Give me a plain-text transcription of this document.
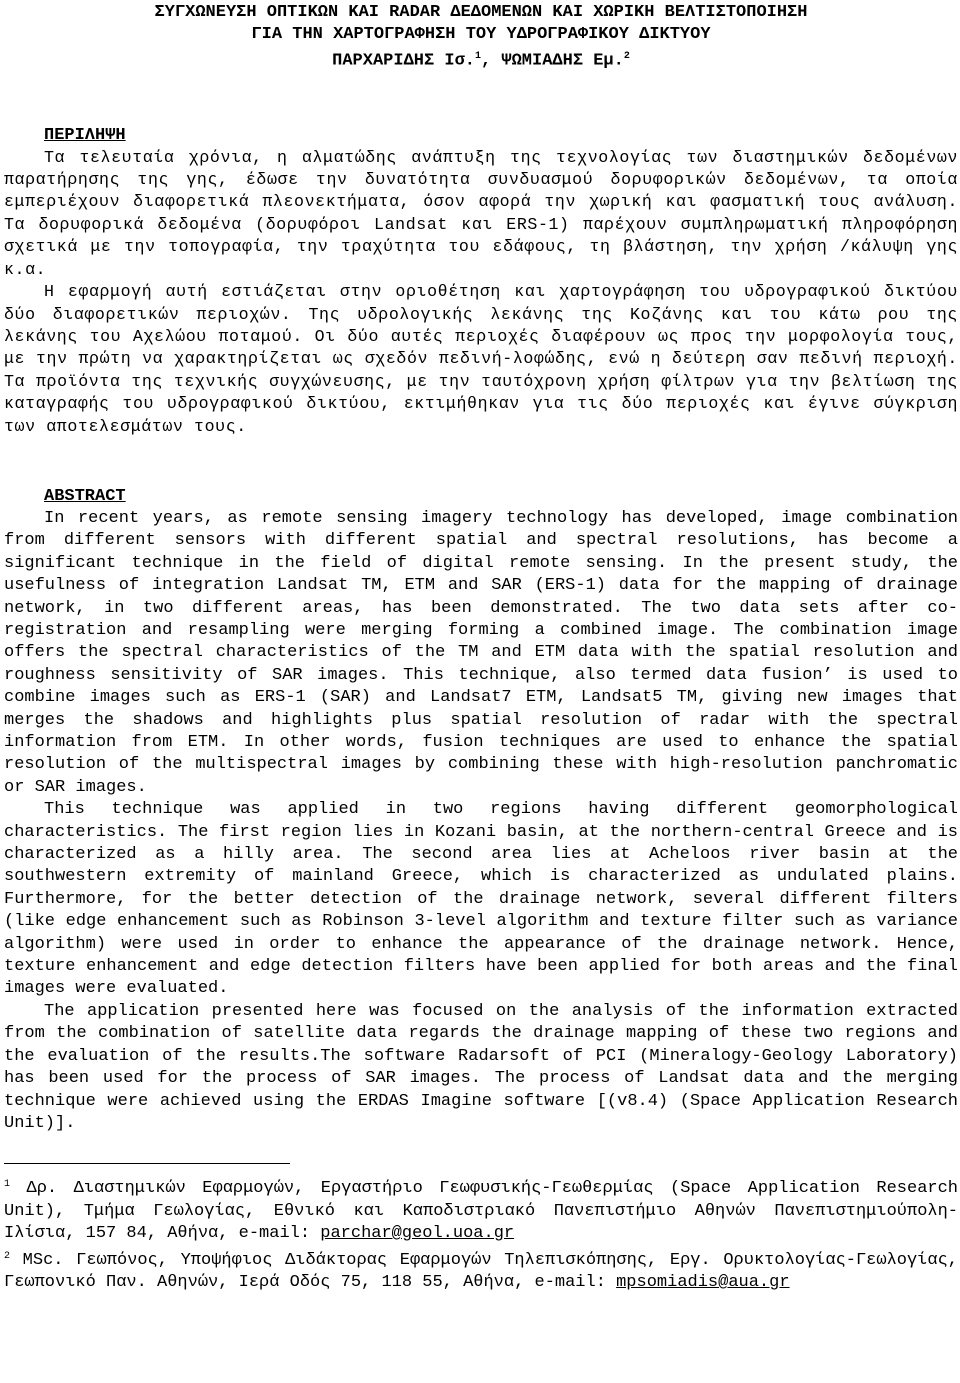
ΣΥΓΧΩΝΕΥΣΗ ΟΠΤΙΚΩΝ ΚΑΙ RADAR ΔΕΔΟΜΕΝΩΝ ΚΑΙ ΧΩΡΙΚΗ ΒΕΛΤΙΣΤΟΠΟΙΗΣΗ
ΓΙΑ ΤΗΝ ΧΑΡΤΟΓΡΑΦΗΣΗ ΤΟΥ ΥΔΡΟΓΡΑΦΙΚΟΥ ΔΙΚΤΥΟΥ
ΠΑΡΧΑΡΙΔΗΣ Ισ.$^1$, ΨΩΜΙΑΔΗΣ Εμ.$^2$
ΠΕΡΙΛΗΨΗ

Τα τελευταία χρόνια, η αλματώδης ανάπτυξη της τεχνολογίας των διαστημικών δεδομένων παρατήρησης της γης, έδωσε την δυνατότητα συνδυασμού δορυφορικών δεδομένων, τα οποία εμπεριέχουν διαφορετικά πλεονεκτήματα, όσον αφορά την χωρική και φασματική τους ανάλυση. Τα δορυφορικά δεδομένα (δορυφόροι Landsat και ERS-1) παρέχουν συμπληρωματική πληροφόρηση σχετικά με την τοπογραφία, την τραχύτητα του εδάφους, τη βλάστηση, την χρήση /κάλυψη γης κ.α.

Η εφαρμογή αυτή εστιάζεται στην οριοθέτηση και χαρτογράφηση του υδρογραφικού δικτύου δύο διαφορετικών περιοχών. Της υδρολογικής λεκάνης της Κοζάνης και του κάτω ρου της λεκάνης του Αχελώου ποταμού. Οι δύο αυτές περιοχές διαφέρουν ως προς την μορφολογία τους, με την πρώτη να χαρακτηρίζεται ως σχεδόν πεδινή-λοφώδης, ενώ η δεύτερη σαν πεδινή περιοχή. Τα προϊόντα της τεχνικής συγχώνευσης, με την ταυτόχρονη χρήση φίλτρων για την βελτίωση της καταγραφής του υδρογραφικού δικτύου, εκτιμήθηκαν για τις δύο περιοχές και έγινε σύγκριση των αποτελεσμάτων τους.

ABSTRACT

In recent years, as remote sensing imagery technology has developed, image combination from different sensors with different spatial and spectral resolutions, has become a significant technique in the field of digital remote sensing. In the present study, the usefulness of integration Landsat TM, ETM and SAR (ERS-1) data for the mapping of drainage network, in two different areas, has been demonstrated. The two data sets after co-registration and resampling were merging forming a combined image. The combination image offers the spectral characteristics of the TM and ETM data with the spatial resolution and roughness sensitivity of SAR images. This technique, also termed data fusion’ is used to combine images such as ERS-1 (SAR) and Landsat7 ETM, Landsat5 TM, giving new images that merges the shadows and highlights plus spatial resolution of radar with the spectral information from ETM. In other words, fusion techniques are used to enhance the spatial resolution of the multispectral images by combining these with high-resolution panchromatic or SAR images.

This technique was applied in two regions having different geomorphological characteristics. The first region lies in Kozani basin, at the northern-central Greece and is characterized as a hilly area. The second area lies at Acheloos river basin at the southwestern extremity of mainland Greece, which is characterized as undulated plains. Furthermore, for the better detection of the drainage network, several different filters (like edge enhancement such as Robinson 3-level algorithm and texture filter such as variance algorithm) were used in order to enhance the appearance of the drainage network. Hence, texture enhancement and edge detection filters have been applied for both areas and the final images were evaluated.

The application presented here was focused on the analysis of the information extracted from the combination of satellite data regards the drainage mapping of these two regions and the evaluation of the results.The software Radarsoft of PCI (Mineralogy-Geology Laboratory) has been used for the process of SAR images. The process of Landsat data and the merging technique were achieved using the ERDAS Imagine software [(v8.4) (Space Application Research Unit)].

$^1$ Δρ. Διαστημικών Εφαρμογών, Εργαστήριο Γεωφυσικής-Γεωθερμίας (Space Application Research Unit), Τμήμα Γεωλογίας, Εθνικό και Καποδιστριακό Πανεπιστήμιο Αθηνών Πανεπιστημιούπολη-Ιλίσια, 157 84, Αθήνα, e-mail: parchar@geol.uoa.gr

$^2$ MSc. Γεωπόνος, Υποψήφιος Διδάκτορας Εφαρμογών Τηλεπισκόπησης, Εργ. Ορυκτολογίας-Γεωλογίας, Γεωπονικό Παν. Αθηνών, Ιερά Οδός 75, 118 55, Αθήνα, e-mail: mpsomiadis@aua.gr
